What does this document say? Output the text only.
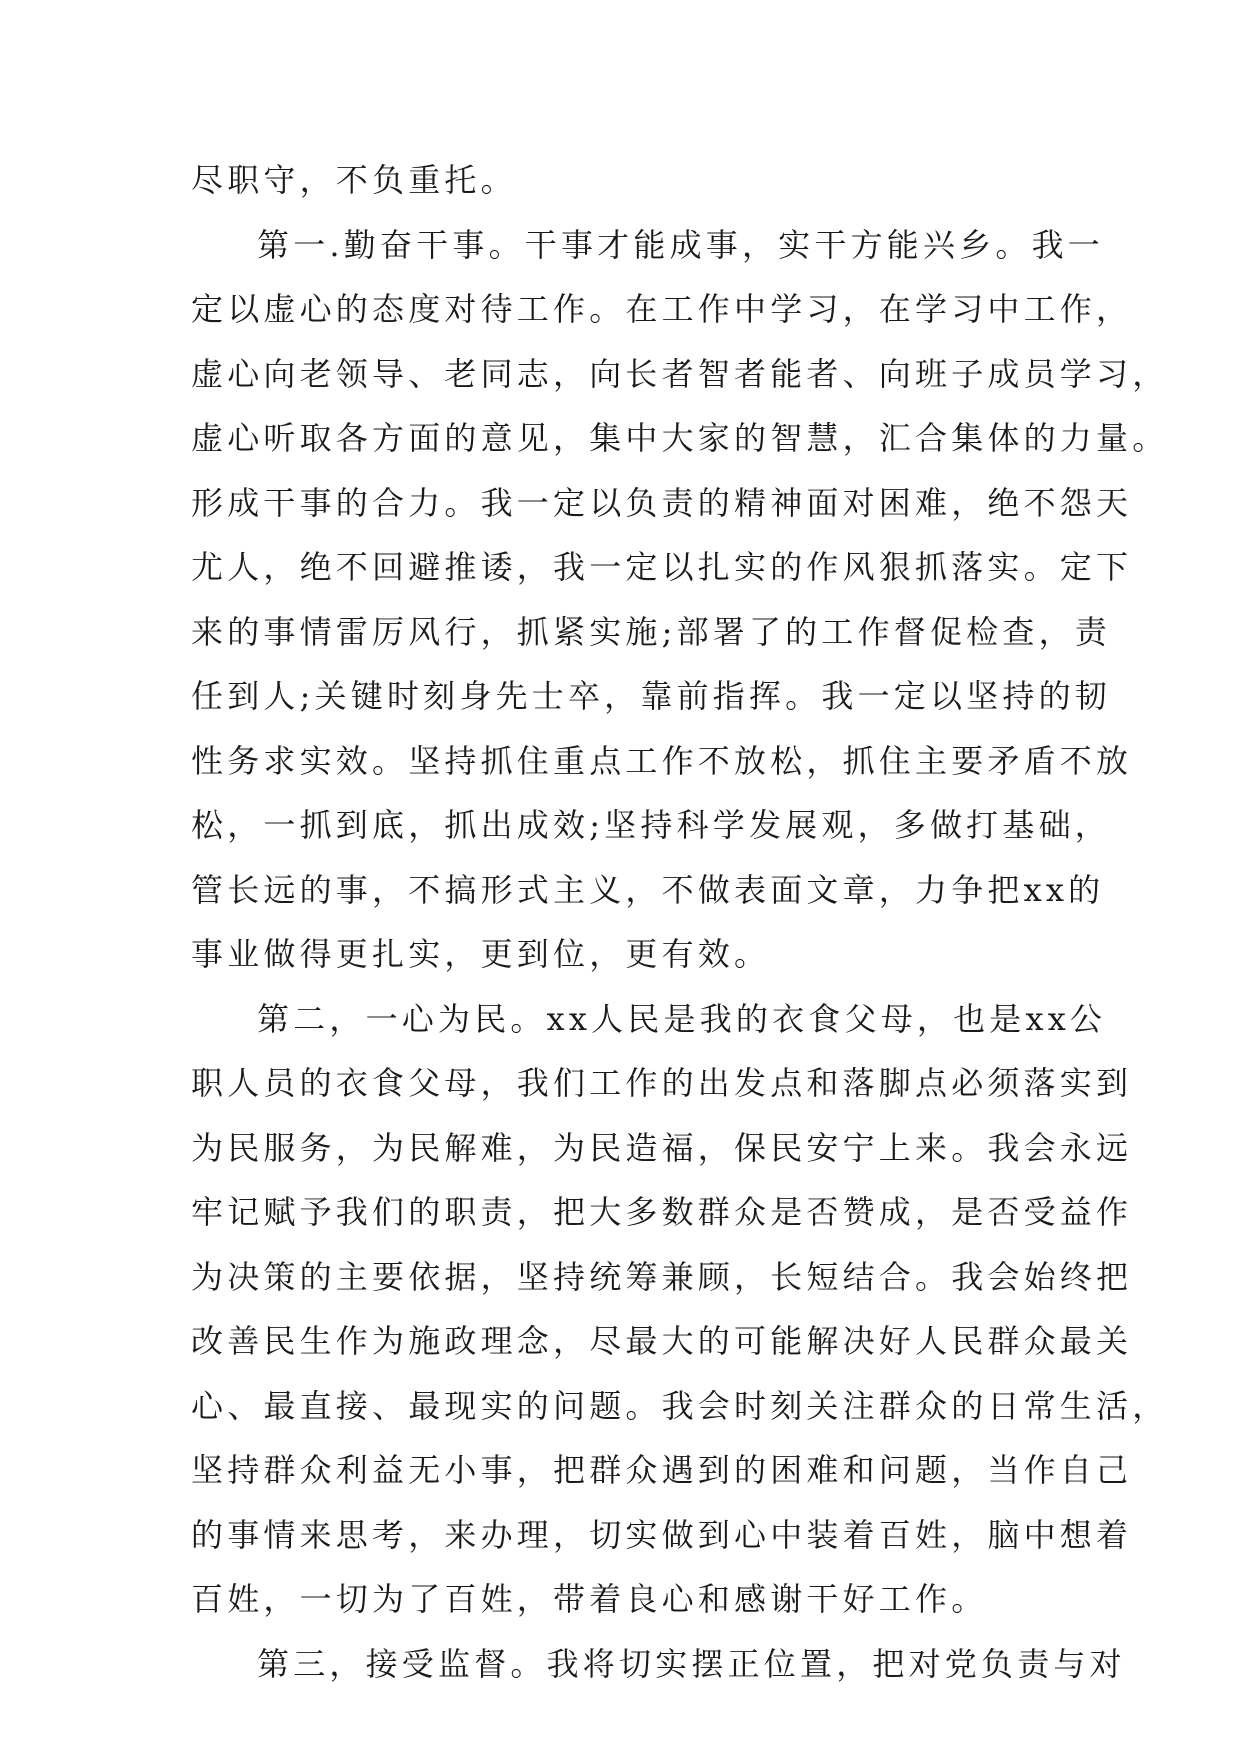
尽职守，不负重托。
第一.勤奋干事。干事才能成事，实干方能兴乡。我一
定以虚心的态度对待工作。在工作中学习，在学习中工作，
虚心向老领导、老同志，向长者智者能者、向班子成员学习，
虚心听取各方面的意见，集中大家的智慧，汇合集体的力量。
形成干事的合力。我一定以负责的精神面对困难，绝不怨天
尤人，绝不回避推诿，我一定以扎实的作风狠抓落实。定下
来的事情雷厉风行，抓紧实施;部署了的工作督促检查，责
任到人;关键时刻身先士卒，靠前指挥。我一定以坚持的韧
性务求实效。坚持抓住重点工作不放松，抓住主要矛盾不放
松，一抓到底，抓出成效;坚持科学发展观，多做打基础，
管长远的事，不搞形式主义，不做表面文章，力争把xx的
事业做得更扎实，更到位，更有效。
第二，一心为民。xx人民是我的衣食父母，也是xx公
职人员的衣食父母，我们工作的出发点和落脚点必须落实到
为民服务，为民解难，为民造福，保民安宁上来。我会永远
牢记赋予我们的职责，把大多数群众是否赞成，是否受益作
为决策的主要依据，坚持统筹兼顾，长短结合。我会始终把
改善民生作为施政理念，尽最大的可能解决好人民群众最关
心、最直接、最现实的问题。我会时刻关注群众的日常生活，
坚持群众利益无小事，把群众遇到的困难和问题，当作自己
的事情来思考，来办理，切实做到心中装着百姓，脑中想着
百姓，一切为了百姓，带着良心和感谢干好工作。
第三，接受监督。我将切实摆正位置，把对党负责与对
